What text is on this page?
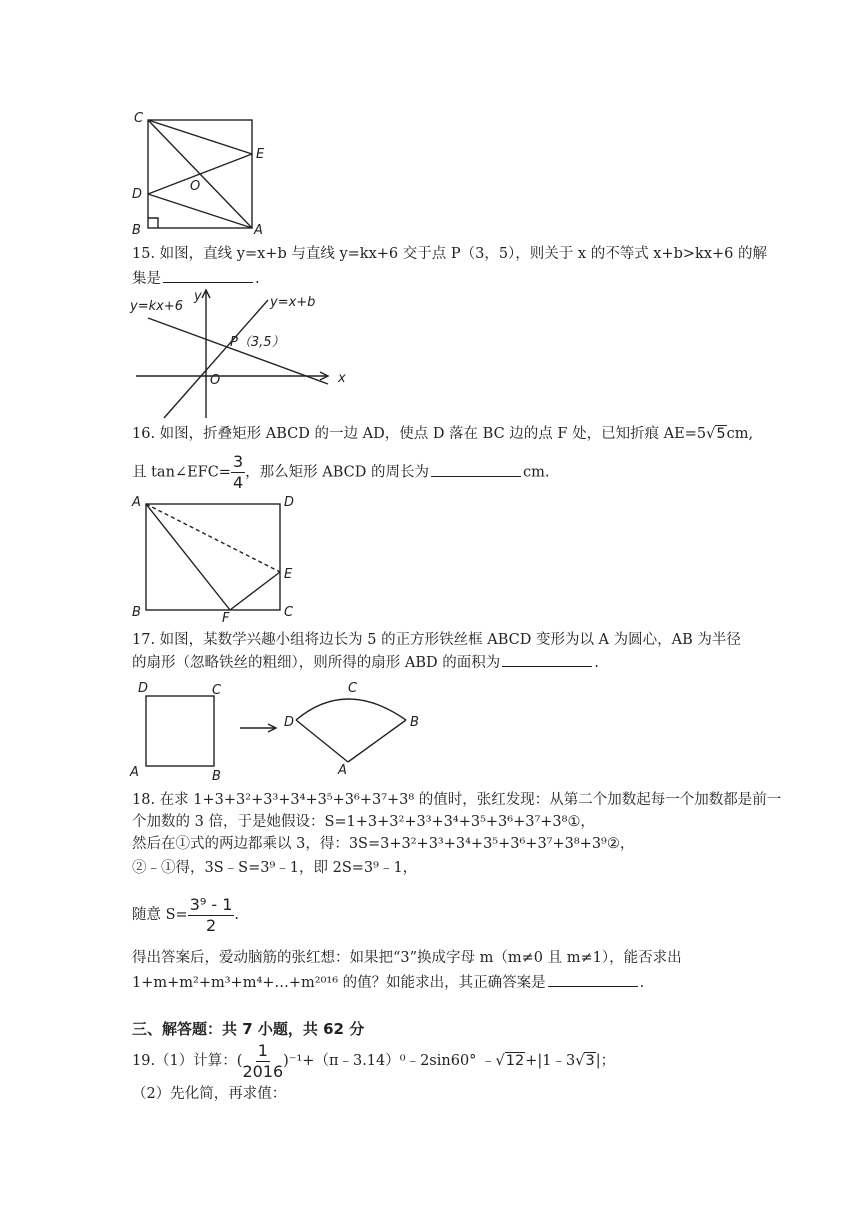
C
E
O
D
B	A
15. 如图，直线 y=x+b 与直线 y=kx+6 交于点 P（3，5），则关于 x 的不等式 x+b>kx+6 的解
集是	.
y
x
O
y=kx+6	y=x+b
P（3,5）
16. 如图，折叠矩形 ABCD 的一边 AD，使点 D 落在 BC 边的点 F 处，已知折痕 AE=5√5cm,
且 tan∠EFC= $\frac{3}{4}$ ，那么矩形 ABCD 的周长为	cm.
A	D
E
B	F	C
17. 如图，某数学兴趣小组将边长为 5 的正方形铁丝框 ABCD 变形为以 A 为圆心，AB 为半径
的扇形（忽略铁丝的粗细），则所得的扇形 ABD 的面积为	.
D	C
A	B
C
D	B
A
18. 在求 1+3+3²+3³+3⁴+3⁵+3⁶+3⁷+3⁸ 的值时，张红发现：从第二个加数起每一个加数都是前一
个加数的 3 倍，于是她假设：S=1+3+3²+3³+3⁴+3⁵+3⁶+3⁷+3⁸①，
然后在①式的两边都乘以 3，得：3S=3+3²+3³+3⁴+3⁵+3⁶+3⁷+3⁸+3⁹②，
②﹣①得，3S﹣S=3⁹﹣1，即 2S=3⁹﹣1，
随意 $S= \frac{\text{3⁹ - 1}}{2}$ .
得出答案后，爱动脑筋的张红想：如果把“3”换成字母 m（m≠0 且 m≠1），能否求出
1+m+m²+m³+m⁴+…+m²⁰¹⁶ 的值？如能求出，其正确答案是	.
三、解答题：共 7 小题，共 62 分
19.（1）计算：( $\frac{1}{2016}$ )⁻¹+（π﹣3.14）⁰﹣2sin60° ﹣√12+|1﹣3√3|；
（2）先化简，再求值：
